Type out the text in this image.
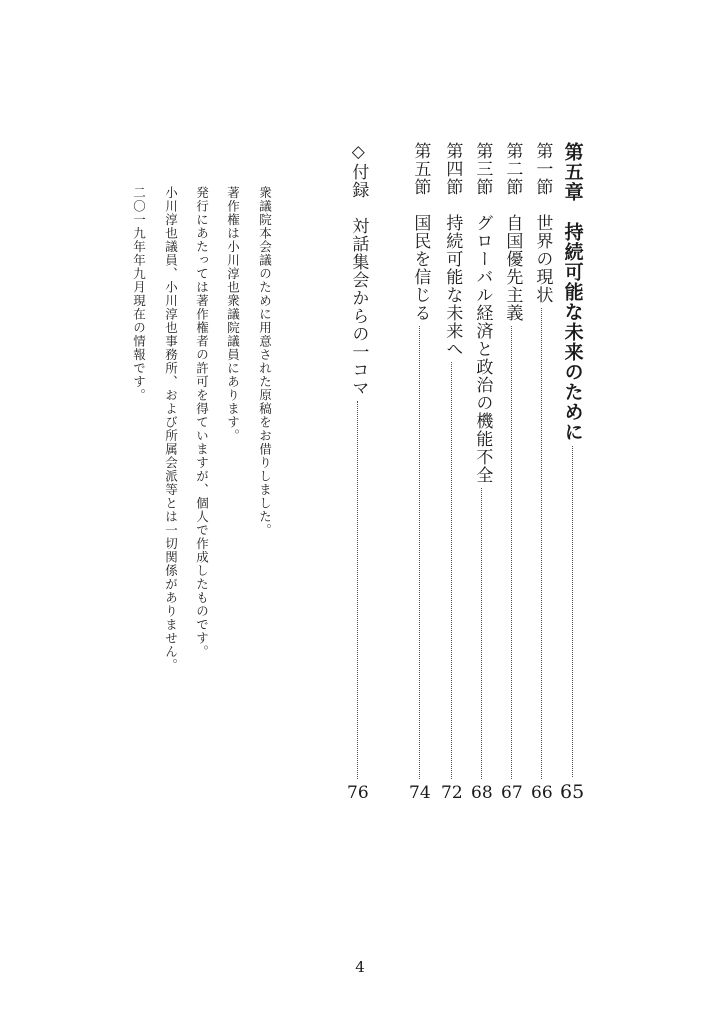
第五章　持続可能な未来のために
65
第一節　世界の現状
66
第二節　自国優先主義
67
第三節　グローバル経済と政治の機能不全
68
第四節　持続可能な未来へ
72
第五節　国民を信じる
74
◇付録　対話集会からの一コマ
76
衆議院本会議のために用意された原稿をお借りしました。
著作権は小川淳也衆議院議員にあります。
発行にあたっては著作権者の許可を得ていますが、個人で作成したものです。
小川淳也議員、小川淳也事務所、および所属会派等とは一切関係がありません。
二〇一九年年九月現在の情報です。
4
